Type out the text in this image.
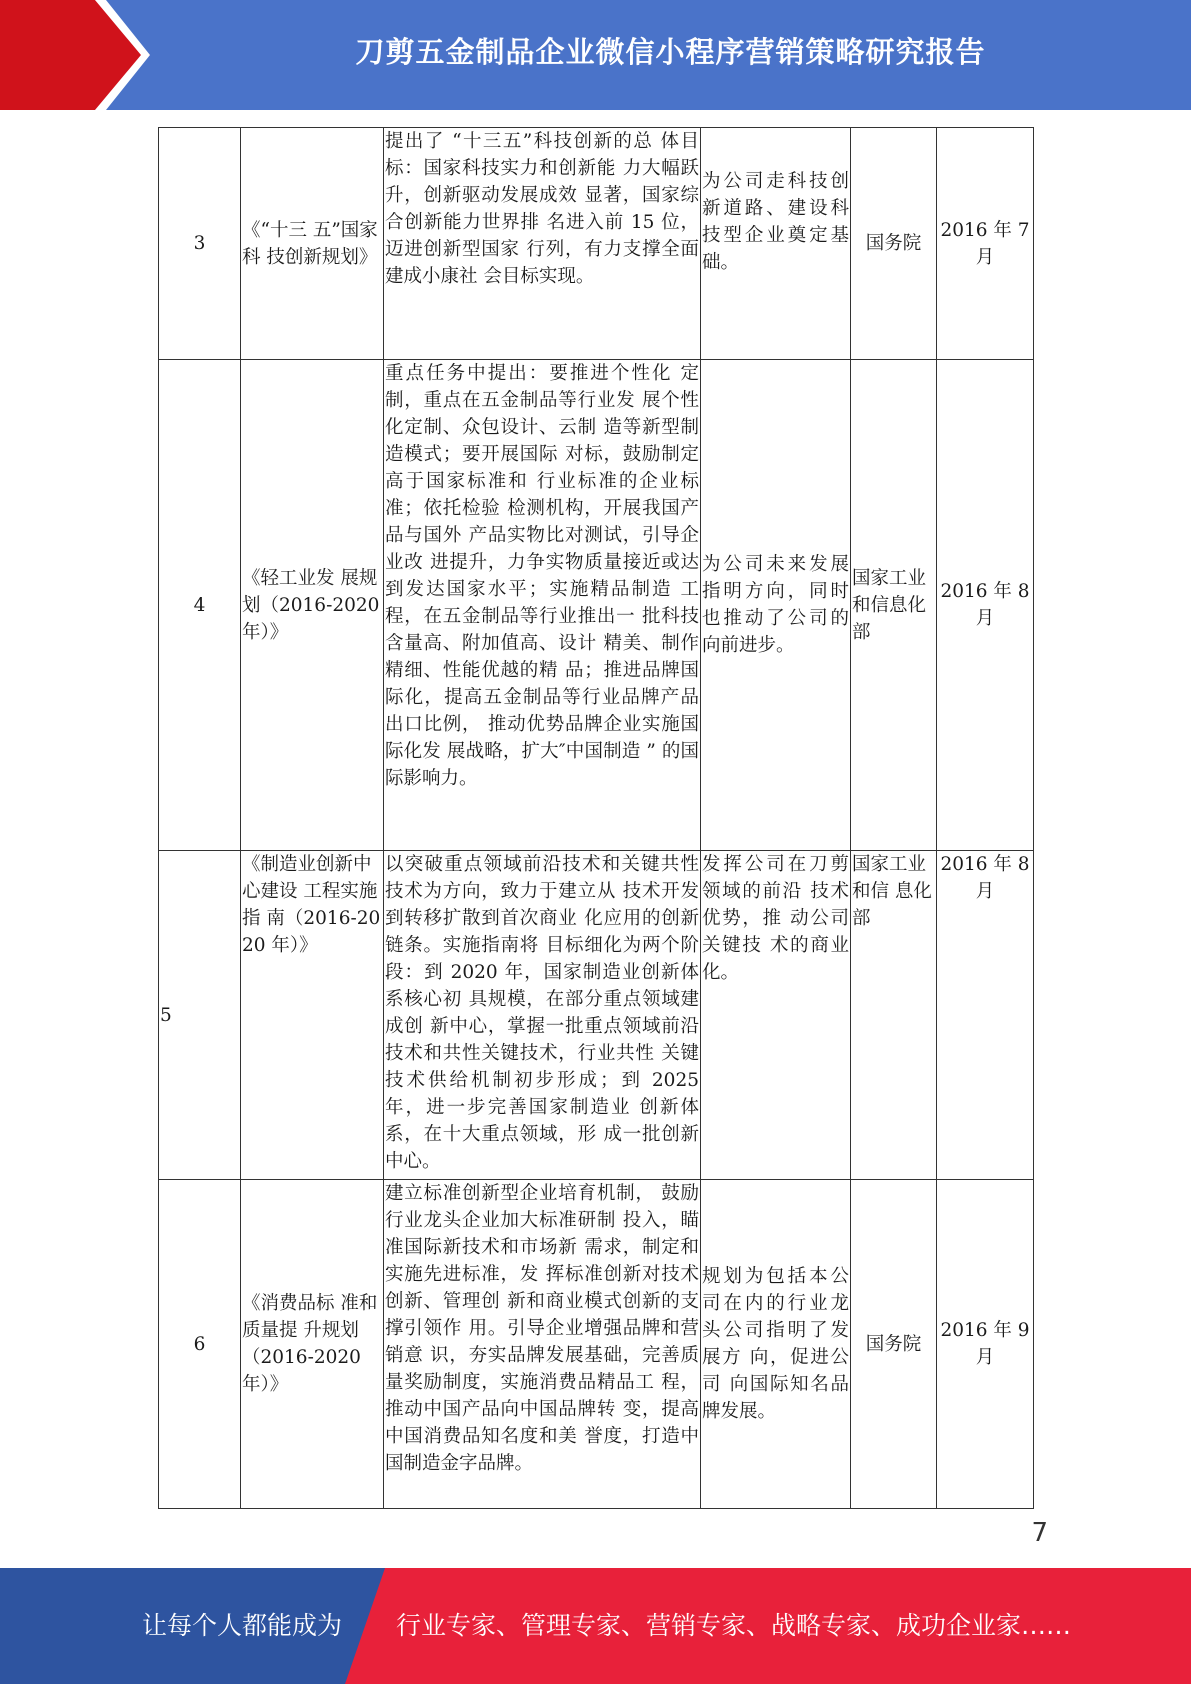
刀剪五金制品企业微信小程序营销策略研究报告
3	《“十三 五”国家科 技创新规划》	提出了 “十三五”科技创新的总 体目标：国家科技实力和创新能 力大幅跃升，创新驱动发展成效 显著，国家综合创新能力世界排 名进入前 15 位，迈进创新型国家 行列，有力支撑全面建成小康社 会目标实现。	为公司走科技创新道路、建设科技型企业奠定基础。	国务院	2016 年 7月
4	《轻工业发 展规划（2016-2020 年）》	重点任务中提出：要推进个性化 定制，重点在五金制品等行业发 展个性化定制、众包设计、云制 造等新型制造模式；要开展国际 对标，鼓励制定高于国家标准和 行业标准的企业标准；依托检验 检测机构，开展我国产品与国外 产品实物比对测试，引导企业改 进提升，力争实物质量接近或达 到发达国家水平；实施精品制造 工程，在五金制品等行业推出一 批科技含量高、附加值高、设计 精美、制作精细、性能优越的精 品；推进品牌国际化，提高五金制品等行业品牌产品出口比例， 推动优势品牌企业实施国际化发 展战略，扩大″中国制造 ” 的国 际影响力。	为公司未来发展指明方向，同时也推动了公司的向前进步。	国家工业和信息化部	2016 年 8月
5	《制造业创新中心建设 工程实施指 南（2016-2020 年）》	以突破重点领域前沿技术和关键共性技术为方向，致力于建立从 技术开发到转移扩散到首次商业 化应用的创新链条。实施指南将 目标细化为两个阶段：到 2020 年，国家制造业创新体系核心初 具规模，在部分重点领域建成创 新中心，掌握一批重点领域前沿 技术和共性关键技术，行业共性 关键技术供给机制初步形成；到 2025 年，进一步完善国家制造业 创新体系，在十大重点领域，形 成一批创新中心。	发挥公司在刀剪领域的前沿 技术优势，推 动公司关键技 术的商业化。	国家工业和信 息化部	2016 年 8 月
6	《消费品标 准和质量提 升规划（2016-2020 年）》	建立标准创新型企业培育机制， 鼓励行业龙头企业加大标准研制 投入，瞄准国际新技术和市场新 需求，制定和实施先进标准，发 挥标准创新对技术创新、管理创 新和商业模式创新的支撑引领作 用。引导企业增强品牌和营销意 识，夯实品牌发展基础，完善质 量奖励制度，实施消费品精品工 程，推动中国产品向中国品牌转 变，提高中国消费品知名度和美 誉度，打造中国制造金字品牌。	规划为包括本公司在内的行业龙头公司指明了发展方 向，促进公司 向国际知名品 牌发展。	国务院	2016 年 9月
7
让每个人都能成为 行业专家、管理专家、营销专家、战略专家、成功企业家……
